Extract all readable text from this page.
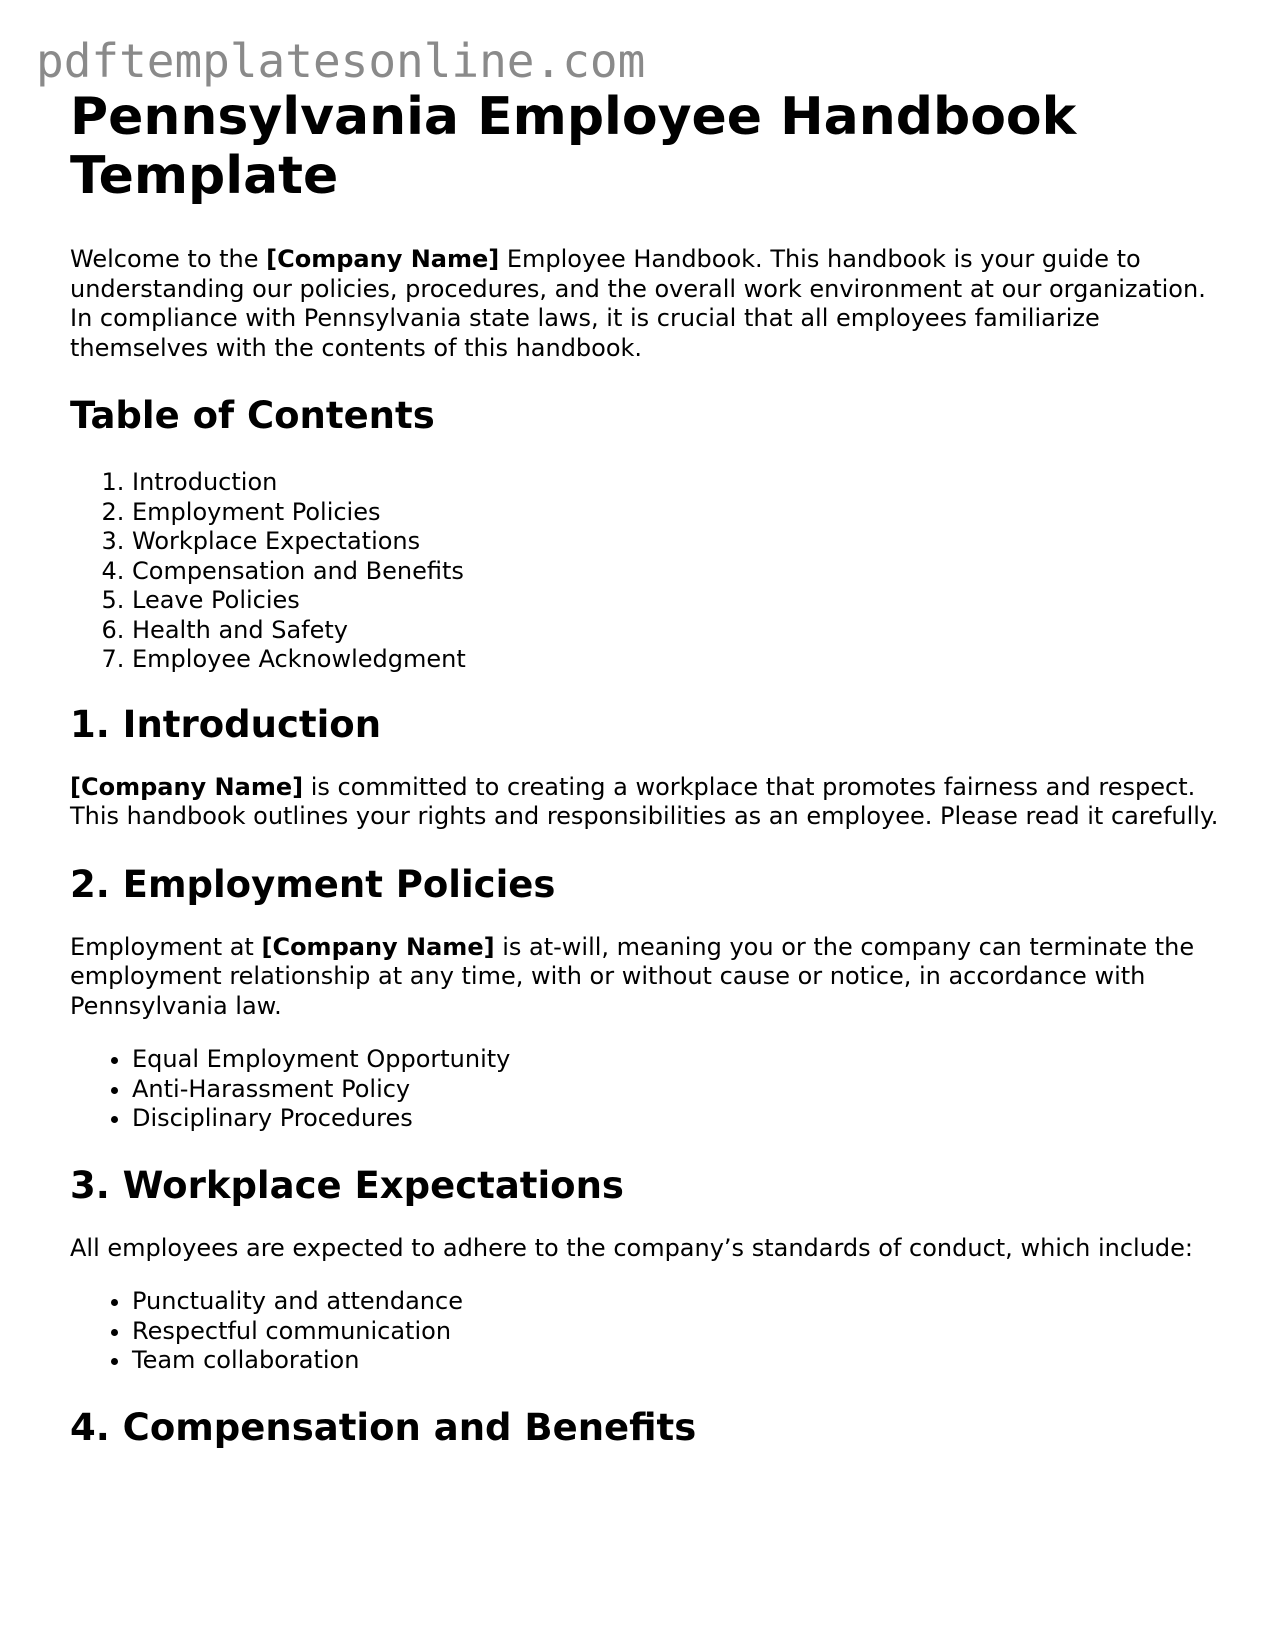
pdftemplatesonline.com
Pennsylvania Employee Handbook Template

Welcome to the [Company Name] Employee Handbook. This handbook is your guide to understanding our policies, procedures, and the overall work environment at our organization. In compliance with Pennsylvania state laws, it is crucial that all employees familiarize themselves with the contents of this handbook.

Table of Contents
1. Introduction
2. Employment Policies
3. Workplace Expectations
4. Compensation and Benefits
5. Leave Policies
6. Health and Safety
7. Employee Acknowledgment
1. Introduction

[Company Name] is committed to creating a workplace that promotes fairness and respect. This handbook outlines your rights and responsibilities as an employee. Please read it carefully.

2. Employment Policies

Employment at [Company Name] is at-will, meaning you or the company can terminate the employment relationship at any time, with or without cause or notice, in accordance with Pennsylvania law.

• Equal Employment Opportunity
• Anti-Harassment Policy
• Disciplinary Procedures
3. Workplace Expectations

All employees are expected to adhere to the company’s standards of conduct, which include:

• Punctuality and attendance
• Respectful communication
• Team collaboration
4. Compensation and Benefits
